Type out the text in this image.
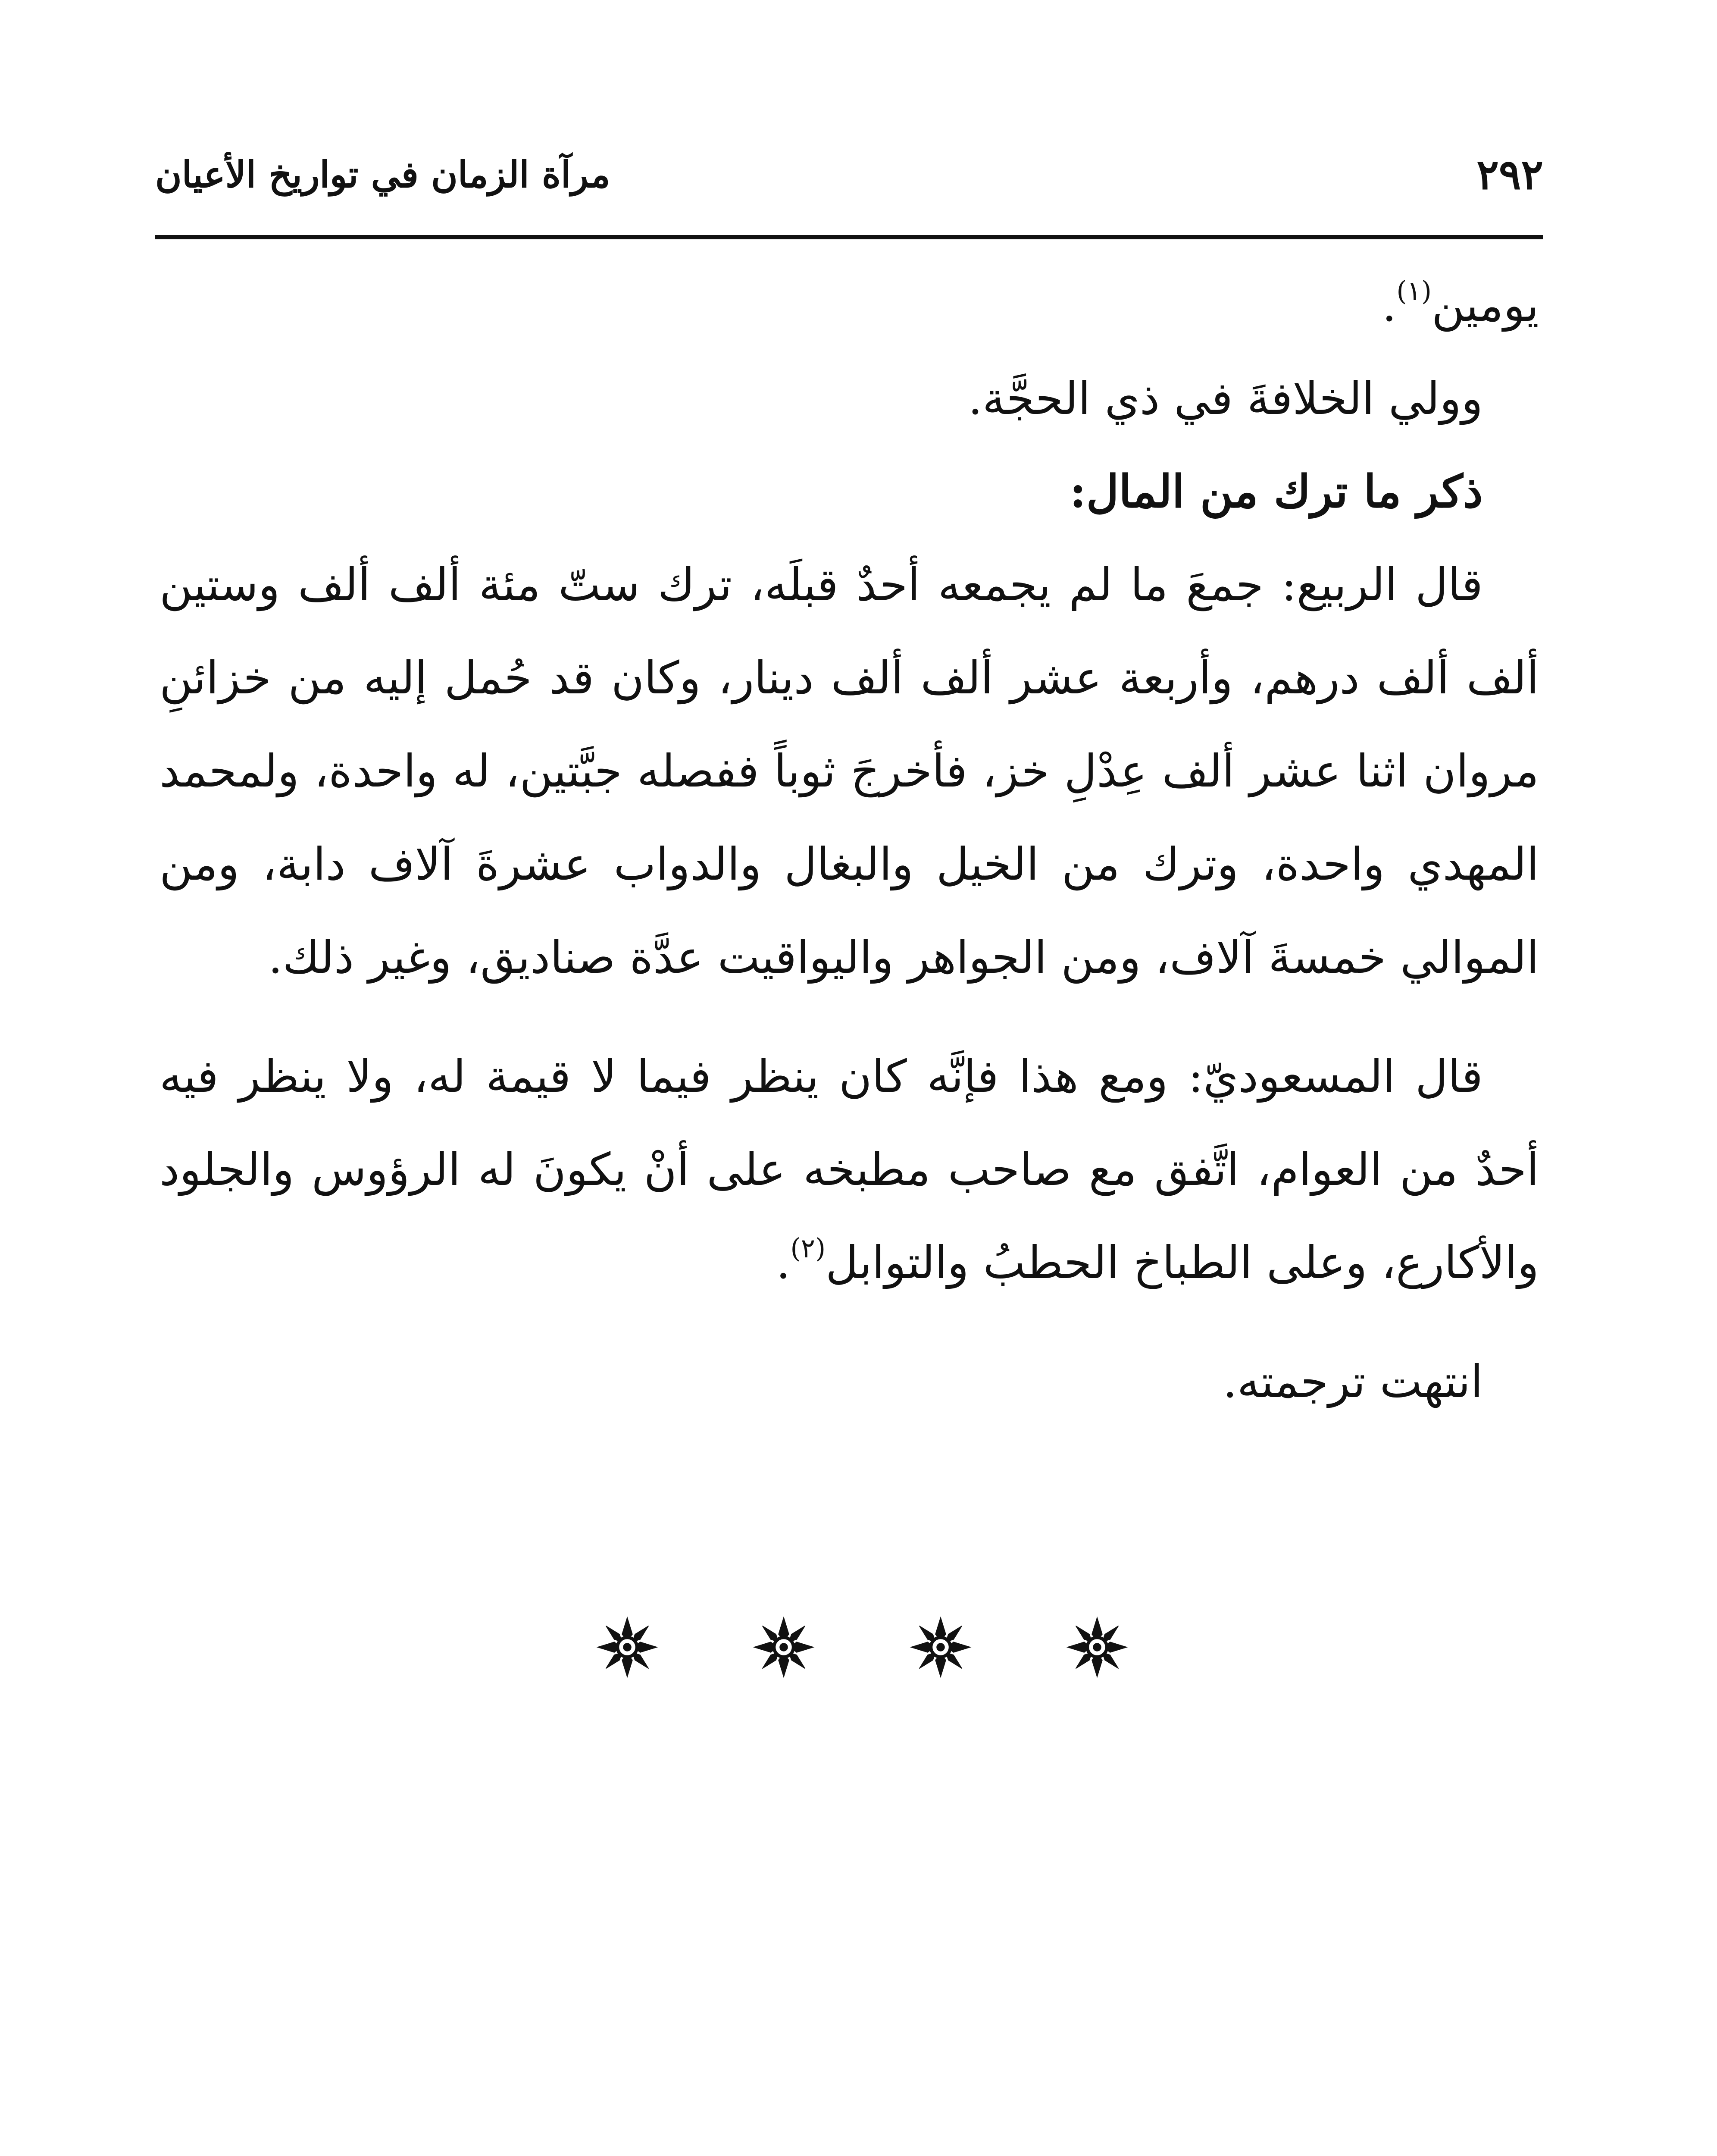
٢٩٢
مرآة الزمان في تواريخ الأعيان

يومين$^{(١)}$.

وولي الخلافةَ في ذي الحجَّة.

ذكر ما ترك من المال:

قال الربيع: جمعَ ما لم يجمعه أحدٌ قبلَه، ترك ستّ مئة ألف ألف وستين ألف ألف درهم، وأربعة عشر ألف ألف دينار، وكان قد حُمل إليه من خزائنِ مروان اثنا عشر ألف عِدْلِ خز، فأخرجَ ثوباً ففصله جبَّتين، له واحدة، ولمحمد المهدي واحدة، وترك من الخيل والبغال والدواب عشرةَ آلاف دابة، ومن الموالي خمسةَ آلاف، ومن الجواهر واليواقيت عدَّة صناديق، وغير ذلك.

قال المسعوديّ: ومع هذا فإنَّه كان ينظر فيما لا قيمة له، ولا ينظر فيه أحدٌ من العوام، اتَّفق مع صاحب مطبخه على أنْ يكونَ له الرؤوس والجلود والأكارع، وعلى الطباخ الحطبُ والتوابل$^{(٢)}$.

انتهت ترجمته.
